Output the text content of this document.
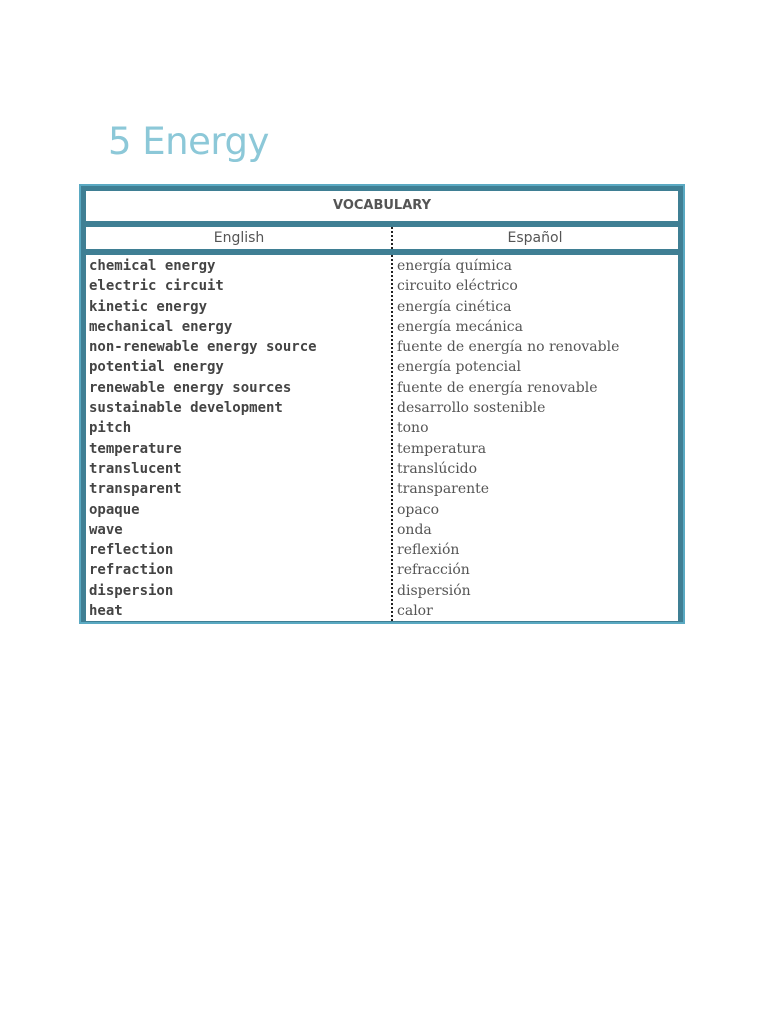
5 Energy
VOCABULARY
English	Español
chemical energy	energía química
electric circuit	circuito eléctrico
kinetic energy	energía cinética
mechanical energy	energía mecánica
non-renewable energy source	fuente de energía no renovable
potential energy	energía potencial
renewable energy sources	fuente de energía renovable
sustainable development	desarrollo sostenible
pitch	tono
temperature	temperatura
translucent	translúcido
transparent	transparente
opaque	opaco
wave	onda
reflection	reflexión
refraction	refracción
dispersion	dispersión
heat	calor
